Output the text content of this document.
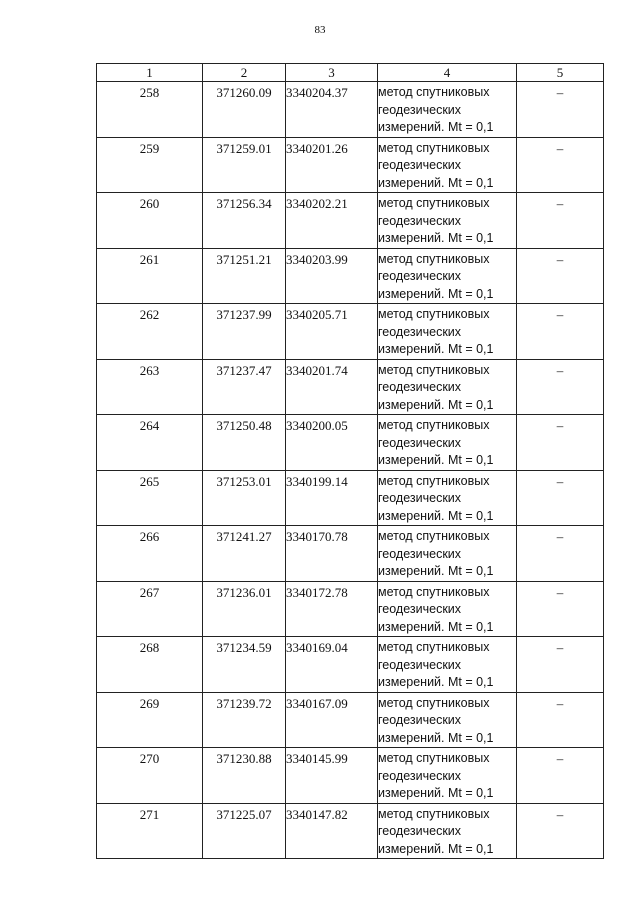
83
1	2	3	4	5
258	371260.09	3340204.37	метод спутниковых
геодезических
измерений. Mt = 0,1	–
259	371259.01	3340201.26	метод спутниковых
геодезических
измерений. Mt = 0,1	–
260	371256.34	3340202.21	метод спутниковых
геодезических
измерений. Mt = 0,1	–
261	371251.21	3340203.99	метод спутниковых
геодезических
измерений. Mt = 0,1	–
262	371237.99	3340205.71	метод спутниковых
геодезических
измерений. Mt = 0,1	–
263	371237.47	3340201.74	метод спутниковых
геодезических
измерений. Mt = 0,1	–
264	371250.48	3340200.05	метод спутниковых
геодезических
измерений. Mt = 0,1	–
265	371253.01	3340199.14	метод спутниковых
геодезических
измерений. Mt = 0,1	–
266	371241.27	3340170.78	метод спутниковых
геодезических
измерений. Mt = 0,1	–
267	371236.01	3340172.78	метод спутниковых
геодезических
измерений. Mt = 0,1	–
268	371234.59	3340169.04	метод спутниковых
геодезических
измерений. Mt = 0,1	–
269	371239.72	3340167.09	метод спутниковых
геодезических
измерений. Mt = 0,1	–
270	371230.88	3340145.99	метод спутниковых
геодезических
измерений. Mt = 0,1	–
271	371225.07	3340147.82	метод спутниковых
геодезических
измерений. Mt = 0,1	–
